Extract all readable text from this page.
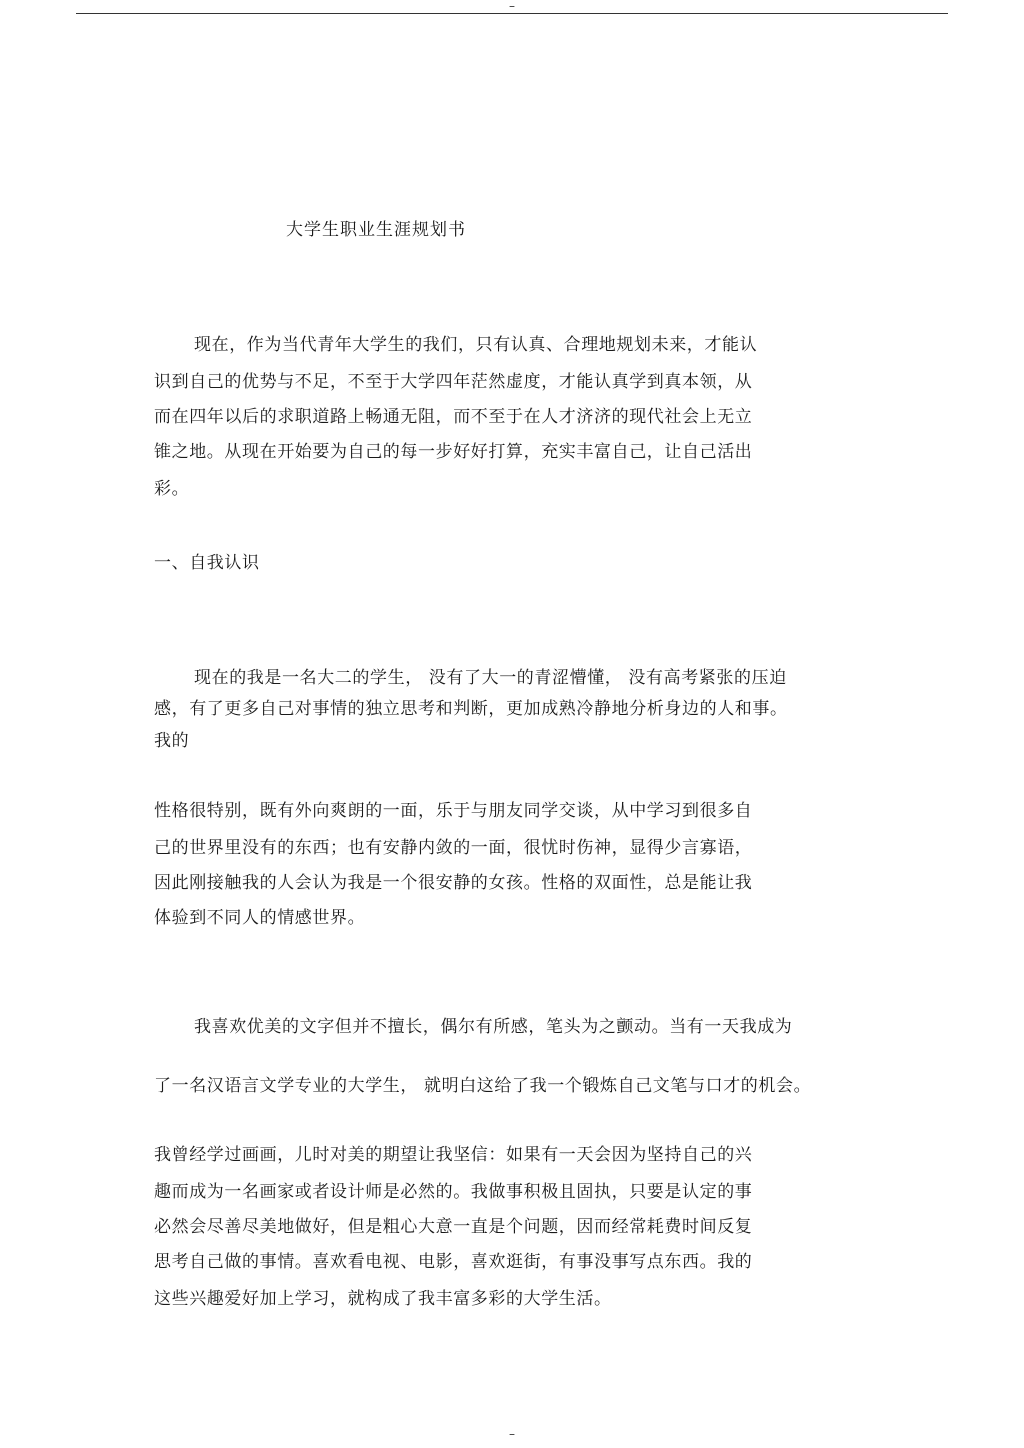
–
大学生职业生涯规划书
现在，作为当代青年大学生的我们，只有认真、合理地规划未来，才能认
识到自己的优势与不足，不至于大学四年茫然虚度，才能认真学到真本领，从
而在四年以后的求职道路上畅通无阻，而不至于在人才济济的现代社会上无立
锥之地。从现在开始要为自己的每一步好好打算，充实丰富自己，让自己活出
彩。
一、自我认识
现在的我是一名大二的学生， 没有了大一的青涩懵懂， 没有高考紧张的压迫
感，有了更多自己对事情的独立思考和判断，更加成熟冷静地分析身边的人和事。
我的
性格很特别，既有外向爽朗的一面，乐于与朋友同学交谈，从中学习到很多自
己的世界里没有的东西；也有安静内敛的一面，很忧时伤神，显得少言寡语，
因此刚接触我的人会认为我是一个很安静的女孩。性格的双面性，总是能让我
体验到不同人的情感世界。
我喜欢优美的文字但并不擅长，偶尔有所感，笔头为之颤动。当有一天我成为
了一名汉语言文学专业的大学生， 就明白这给了我一个锻炼自己文笔与口才的机会。
我曾经学过画画，儿时对美的期望让我坚信：如果有一天会因为坚持自己的兴
趣而成为一名画家或者设计师是必然的。我做事积极且固执，只要是认定的事
必然会尽善尽美地做好，但是粗心大意一直是个问题，因而经常耗费时间反复
思考自己做的事情。喜欢看电视、电影，喜欢逛街，有事没事写点东西。我的
这些兴趣爱好加上学习，就构成了我丰富多彩的大学生活。
–
